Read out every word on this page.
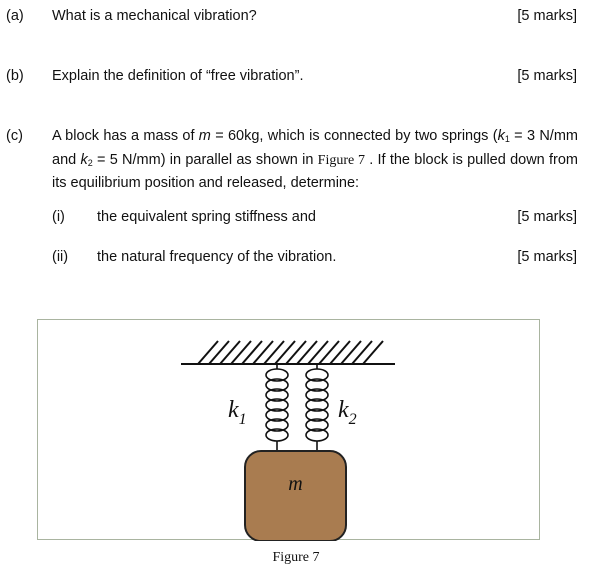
(a) What is a mechanical vibration?	[5 marks]
(b) Explain the definition of “free vibration”.	[5 marks]
(c) A block has a mass of m = 60kg, which is connected by two springs ($k_1 = 3$ N/mm and $k_2 = 5$ N/mm) in parallel as shown in Figure 7 . If the block is pulled down from its equilibrium position and released, determine:
(i) the equivalent spring stiffness and	[5 marks]
(ii) the natural frequency of the vibration.	[5 marks]
$k_1$	$k_2$
m
Figure 7
